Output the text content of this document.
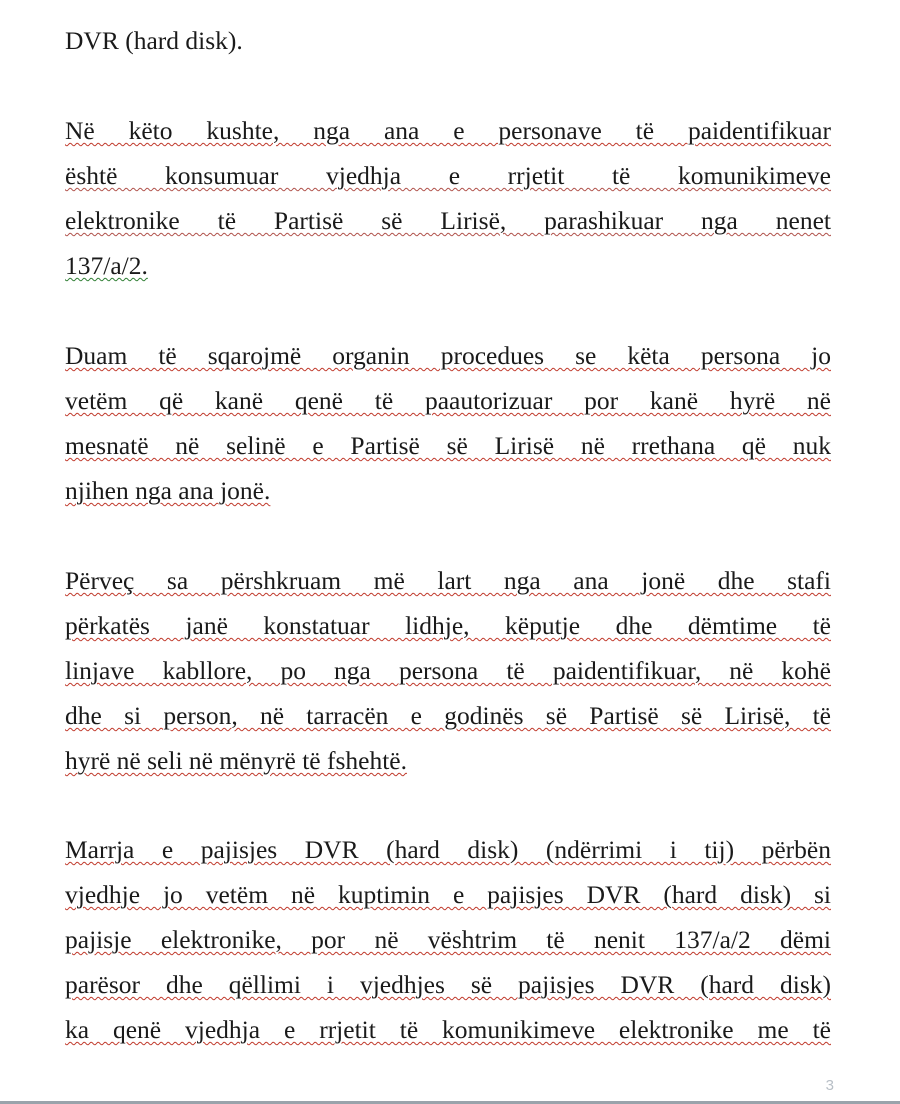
DVR (hard disk).

Në këto kushte, nga ana e personave të paidentifikuar
është konsumuar vjedhja e rrjetit të komunikimeve
elektronike të Partisë së Lirisë, parashikuar nga nenet
137/a/2.

Duam të sqarojmë organin procedues se këta persona jo
vetëm që kanë qenë të paautorizuar por kanë hyrë në
mesnatë në selinë e Partisë së Lirisë në rrethana që nuk
njihen nga ana jonë.

Përveç sa përshkruam më lart nga ana jonë dhe stafi
përkatës janë konstatuar lidhje, këputje dhe dëmtime të
linjave kabllore, po nga persona të paidentifikuar, në kohë
dhe si person, në tarracën e godinës së Partisë së Lirisë, të
hyrë në seli në mënyrë të fshehtë.

Marrja e pajisjes DVR (hard disk) (ndërrimi i tij) përbën
vjedhje jo vetëm në kuptimin e pajisjes DVR (hard disk) si
pajisje elektronike, por në vështrim të nenit 137/a/2 dëmi
parësor dhe qëllimi i vjedhjes së pajisjes DVR (hard disk)
ka qenë vjedhja e rrjetit të komunikimeve elektronike me të

3
